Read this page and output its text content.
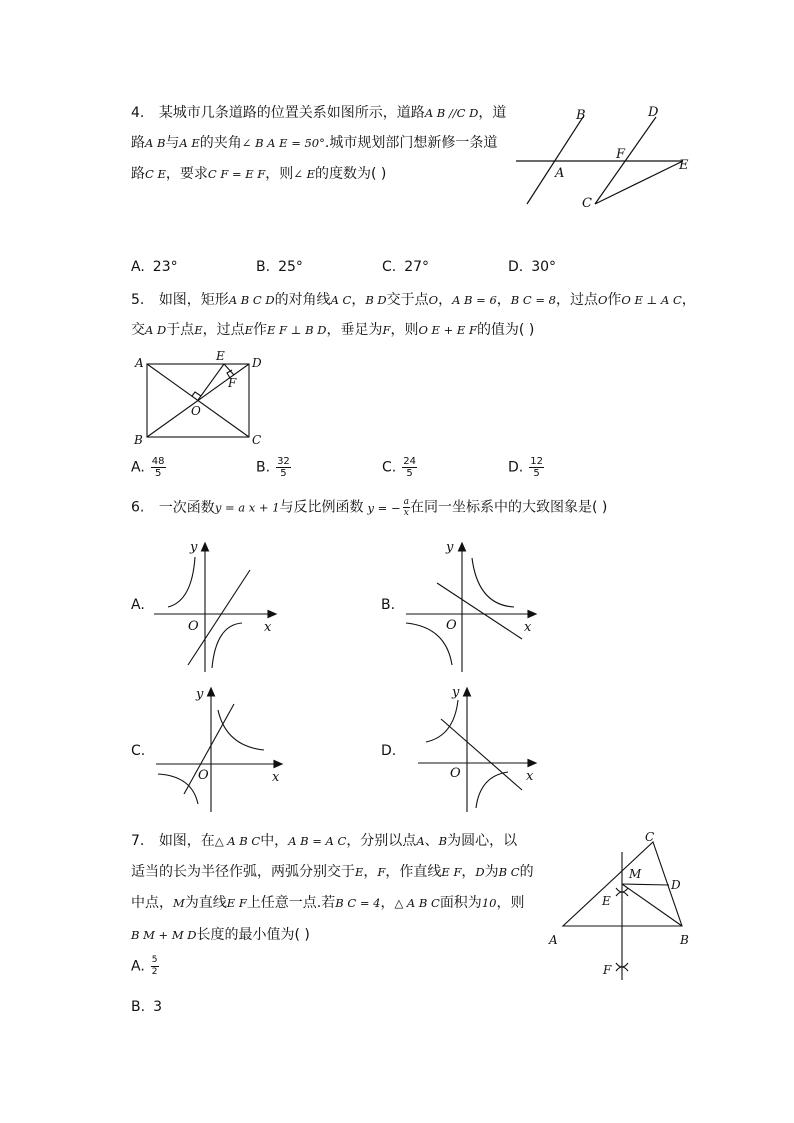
4. 某城市几条道路的位置关系如图所示，道路A B //C D，道
路A B与A E的夹角∠ B A E = 50°.城市规划部门想新修一条道
路C E，要求C F = E F，则∠ E的度数为( )
B	D
F
E
A
C
A. 23°	B. 25°	C. 27°	D. 30°
5. 如图，矩形A B C D的对角线A C，B D交于点O，A B = 6，B C = 8，过点O作O E ⊥ A C，
交A D于点E，过点E作E F ⊥ B D，垂足为F，则O E + E F的值为( )
A	E D
F
O
B	C
A. $\frac{48}{5}$	B. $\frac{32}{5}$	C. $\frac{24}{5}$	D. $\frac{12}{5}$
6. 一次函数y = a x + 1与反比例函数 y = − $\frac{a}{x}$ 在同一坐标系中的大致图象是( )
A.
y
O	x
B.
y
O	x
C.
y
O	x
D.
y
O	x
7. 如图，在△ A B C中，A B = A C，分别以点A、B为圆心，以
适当的长为半径作弧，两弧分别交于E，F，作直线E F，D为B C的
中点，M为直线E F上任意一点.若B C = 4，△ A B C面积为10，则
B M + M D长度的最小值为( )
A. $\frac{5}{2}$
B. 3
C
M
D
E
A	B
F
